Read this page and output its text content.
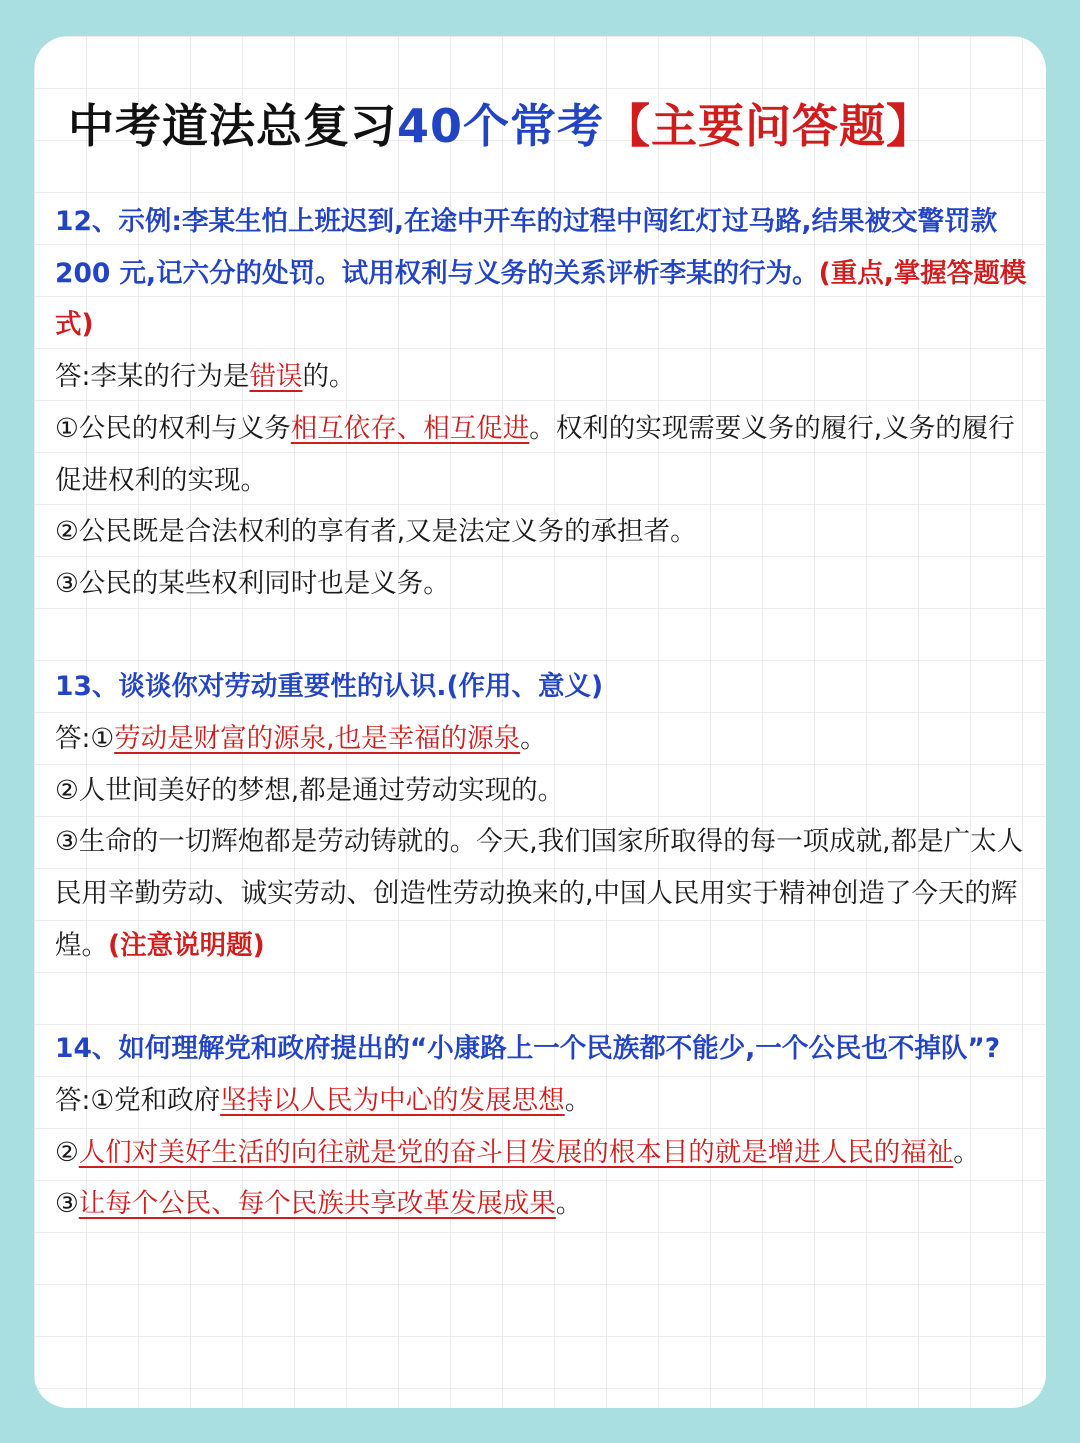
中考道法总复习40个常考【主要问答题】

12、示例:李某生怕上班迟到,在途中开车的过程中闯红灯过马路,结果被交警罚款 200 元,记六分的处罚。试用权利与义务的关系评析李某的行为。(重点,掌握答题模式)

答:李某的行为是错误的。

①公民的权利与义务相互依存、相互促进。权利的实现需要义务的履行,义务的履行促进权利的实现。

②公民既是合法权利的享有者,又是法定义务的承担者。

③公民的某些权利同时也是义务。

13、谈谈你对劳动重要性的认识.(作用、意义)

答:①劳动是财富的源泉,也是幸福的源泉。

②人世间美好的梦想,都是通过劳动实现的。

③生命的一切辉炮都是劳动铸就的。今天,我们国家所取得的每一项成就,都是广太人民用辛勤劳动、诚实劳动、创造性劳动换来的,中国人民用实于精神创造了今天的辉煌。(注意说明题)

14、如何理解党和政府提出的“小康路上一个民族都不能少,一个公民也不掉队”?

答:①党和政府坚持以人民为中心的发展思想。

②人们对美好生活的向往就是党的奋斗目发展的根本目的就是增进人民的福祉。

③让每个公民、每个民族共享改革发展成果。
